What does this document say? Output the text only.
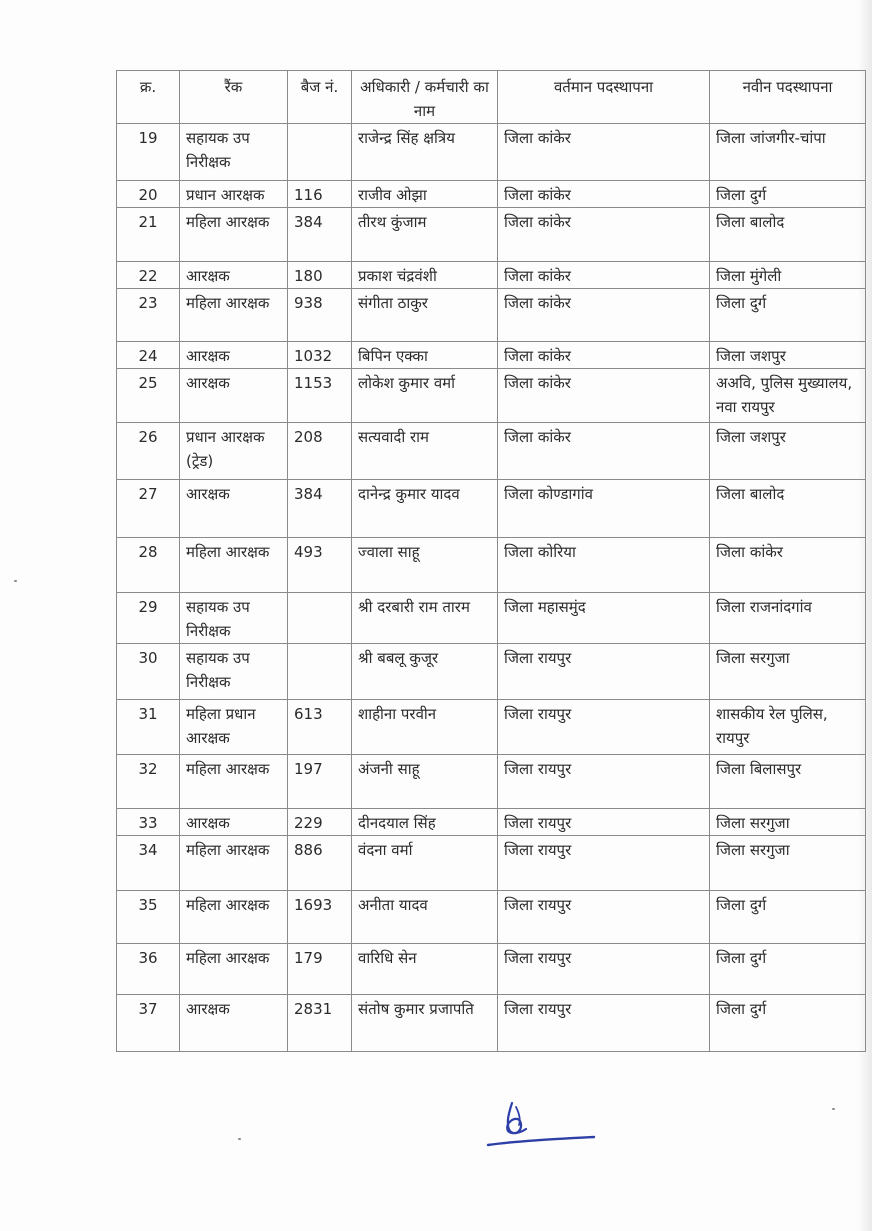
क्र.	रैंक	बैज नं.	अधिकारी / कर्मचारी का नाम	वर्तमान पदस्थापना	नवीन पदस्थापना
19	सहायक उप निरीक्षक		राजेन्द्र सिंह क्षत्रिय	जिला कांकेर	जिला जांजगीर-चांपा
20	प्रधान आरक्षक	116	राजीव ओझा	जिला कांकेर	जिला दुर्ग
21	महिला आरक्षक	384	तीरथ कुंजाम	जिला कांकेर	जिला बालोद
22	आरक्षक	180	प्रकाश चंद्रवंशी	जिला कांकेर	जिला मुंगेली
23	महिला आरक्षक	938	संगीता ठाकुर	जिला कांकेर	जिला दुर्ग
24	आरक्षक	1032	बिपिन एक्का	जिला कांकेर	जिला जशपुर
25	आरक्षक	1153	लोकेश कुमार वर्मा	जिला कांकेर	अअवि, पुलिस मुख्यालय, नवा रायपुर
26	प्रधान आरक्षक (ट्रेड)	208	सत्यवादी राम	जिला कांकेर	जिला जशपुर
27	आरक्षक	384	दानेन्द्र कुमार यादव	जिला कोण्डागांव	जिला बालोद
28	महिला आरक्षक	493	ज्वाला साहू	जिला कोरिया	जिला कांकेर
29	सहायक उप निरीक्षक		श्री दरबारी राम तारम	जिला महासमुंद	जिला राजनांदगांव
30	सहायक उप निरीक्षक		श्री बबलू कुजूर	जिला रायपुर	जिला सरगुजा
31	महिला प्रधान आरक्षक	613	शाहीना परवीन	जिला रायपुर	शासकीय रेल पुलिस, रायपुर
32	महिला आरक्षक	197	अंजनी साहू	जिला रायपुर	जिला बिलासपुर
33	आरक्षक	229	दीनदयाल सिंह	जिला रायपुर	जिला सरगुजा
34	महिला आरक्षक	886	वंदना वर्मा	जिला रायपुर	जिला सरगुजा
35	महिला आरक्षक	1693	अनीता यादव	जिला रायपुर	जिला दुर्ग
36	महिला आरक्षक	179	वारिधि सेन	जिला रायपुर	जिला दुर्ग
37	आरक्षक	2831	संतोष कुमार प्रजापति	जिला रायपुर	जिला दुर्ग
